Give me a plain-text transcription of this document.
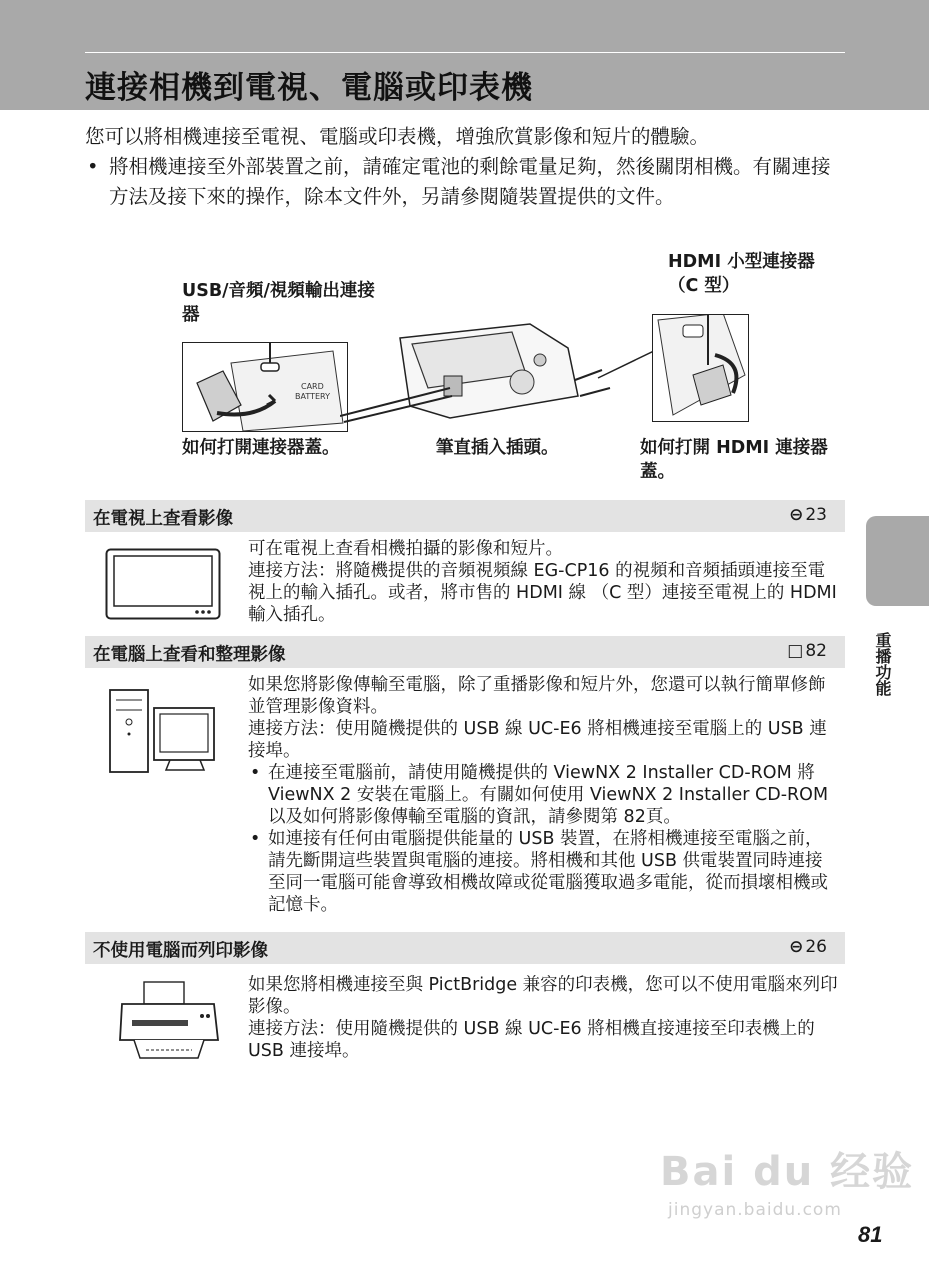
連接相機到電視、電腦或印表機

您可以將相機連接至電視、電腦或印表機，增強欣賞影像和短片的體驗。

• 將相機連接至外部裝置之前，請確定電池的剩餘電量足夠，然後關閉相機。有關連接方法及接下來的操作，除本文件外，另請參閱隨裝置提供的文件。

USB/音頻/視頻輸出連接器
HDMI 小型連接器（C 型）
CARD
BATTERY
如何打開連接器蓋。	筆直插入插頭。	如何打開 HDMI 連接器蓋。
在電視上查看影像	⊖ 23

可在電視上查看相機拍攝的影像和短片。

連接方法：將隨機提供的音頻視頻線 EG-CP16 的視頻和音頻插頭連接至電視上的輸入插孔。或者，將市售的 HDMI 線 （C 型）連接至電視上的 HDMI 輸入插孔。

在電腦上查看和整理影像	□ 82

如果您將影像傳輸至電腦，除了重播影像和短片外，您還可以執行簡單修飾並管理影像資料。

連接方法：使用隨機提供的 USB 線 UC-E6 將相機連接至電腦上的 USB 連接埠。

• 在連接至電腦前，請使用隨機提供的 ViewNX 2 Installer CD-ROM 將 ViewNX 2 安裝在電腦上。有關如何使用 ViewNX 2 Installer CD-ROM 以及如何將影像傳輸至電腦的資訊，請參閱第 82頁。

• 如連接有任何由電腦提供能量的 USB 裝置，在將相機連接至電腦之前，請先斷開這些裝置與電腦的連接。將相機和其他 USB 供電裝置同時連接至同一電腦可能會導致相機故障或從電腦獲取過多電能，從而損壞相機或記憶卡。

不使用電腦而列印影像	⊖ 26

如果您將相機連接至與 PictBridge 兼容的印表機，您可以不使用電腦來列印影像。

連接方法：使用隨機提供的 USB 線 UC-E6 將相機直接連接至印表機上的 USB 連接埠。

重播功能
Bai du 经验
jingyan.baidu.com
81
